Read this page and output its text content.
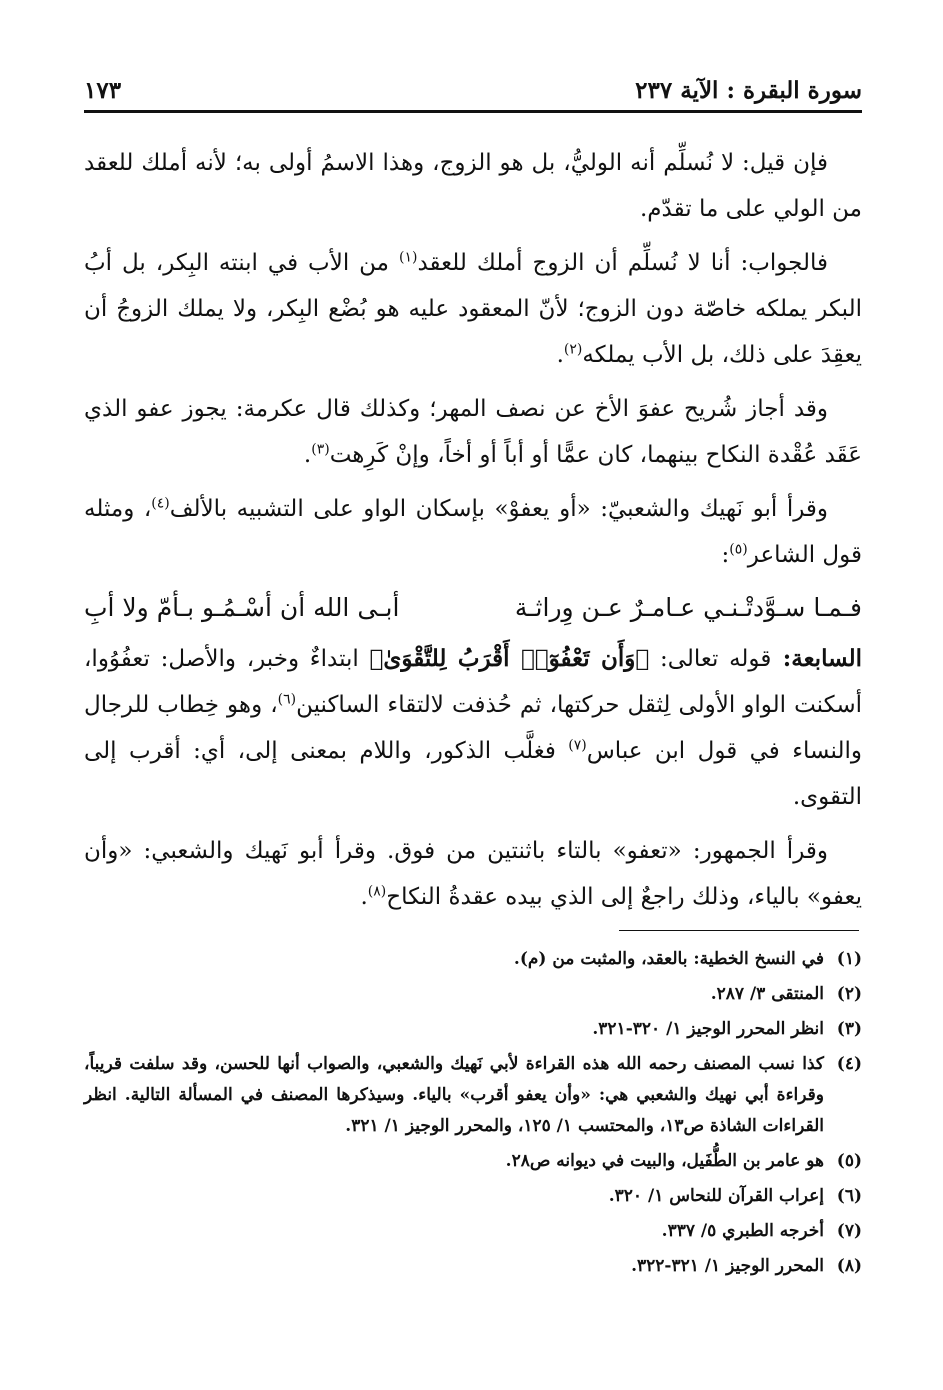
سورة البقرة : الآية ٢٣٧
١٧٣

فإن قيل: لا نُسلِّم أنه الوليُّ، بل هو الزوج، وهذا الاسمُ أولى به؛ لأنه أملك للعقد من الولي على ما تقدّم.

فالجواب: أنا لا نُسلِّم أن الزوج أملك للعقد$^{(١)}$ من الأب في ابنته البِكر، بل أبُ البكر يملكه خاصّة دون الزوج؛ لأنّ المعقود عليه هو بُضْع البِكر، ولا يملك الزوجُ أن يعقِدَ على ذلك، بل الأب يملكه$^{(٢)}$.

وقد أجاز شُريح عفوَ الأخ عن نصف المهر؛ وكذلك قال عكرمة: يجوز عفو الذي عَقَد عُقْدة النكاح بينهما، كان عمًّا أو أباً أو أخاً، وإنْ كَرِهت$^{(٣)}$.

وقرأ أبو نَهيك والشعبيّ: «أو يعفوْ» بإسكان الواو على التشبيه بالألف$^{(٤)}$، ومثله قول الشاعر$^{(٥)}$:

فـمـا سـوَّدتْـنـي عـامـرٌ عـن وِراثـة
أبـى الله أن أسْـمُـو بـأمّ ولا أبِ

السابعة: قوله تعالى: ﴿وَأَن تَعْفُوٓا۟ أَقْرَبُ لِلتَّقْوَىٰ﴾ ابتداءٌ وخبر، والأصل: تعفُوُوا، أسكنت الواو الأولى لِثقل حركتها، ثم حُذفت لالتقاء الساكنين$^{(٦)}$، وهو خِطاب للرجال والنساء في قول ابن عباس$^{(٧)}$ فغلَّب الذكور، واللام بمعنى إلى، أي: أقرب إلى التقوى.

وقرأ الجمهور: «تعفو» بالتاء باثنتين من فوق. وقرأ أبو نَهيك والشعبي: «وأن يعفو» بالياء، وذلك راجعٌ إلى الذي بيده عقدةُ النكاح$^{(٨)}$.

(١)
في النسخ الخطية: بالعقد، والمثبت من (م).
(٢)
المنتقى ٣/ ٢٨٧.
(٣)
انظر المحرر الوجيز ١/ ٣٢٠-٣٢١.
(٤)
كذا نسب المصنف رحمه الله هذه القراءة لأبي نَهيك والشعبي، والصواب أنها للحسن، وقد سلفت قريباً، وقراءة أبي نهيك والشعبي هي: «وأن يعفو أقرب» بالياء. وسيذكرها المصنف في المسألة التالية. انظر القراءات الشاذة ص١٣، والمحتسب ١/ ١٢٥، والمحرر الوجيز ١/ ٣٢١.
(٥)
هو عامر بن الطُّفَيل، والبيت في ديوانه ص٢٨.
(٦)
إعراب القرآن للنحاس ١/ ٣٢٠.
(٧)
أخرجه الطبري ٥/ ٣٣٧.
(٨)
المحرر الوجيز ١/ ٣٢١-٣٢٢.
